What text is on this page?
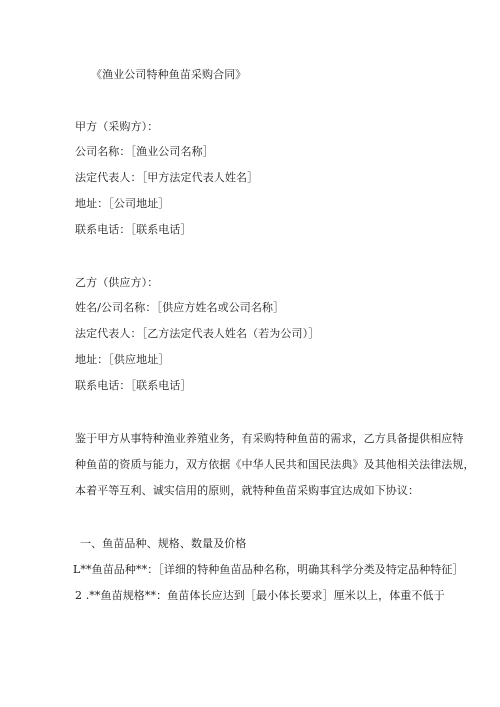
《渔业公司特种鱼苗采购合同》
甲方（采购方）：
公司名称：［渔业公司名称］
法定代表人：［甲方法定代表人姓名］
地址：［公司地址］
联系电话：［联系电话］
乙方（供应方）：
姓名/公司名称：［供应方姓名或公司名称］
法定代表人：［乙方法定代表人姓名（若为公司）］
地址：［供应地址］
联系电话：［联系电话］
鉴于甲方从事特种渔业养殖业务，有采购特种鱼苗的需求，乙方具备提供相应特
种鱼苗的资质与能力，双方依据《中华人民共和国民法典》及其他相关法律法规，
本着平等互利、诚实信用的原则，就特种鱼苗采购事宜达成如下协议：
一、鱼苗品种、规格、数量及价格
L**鱼苗品种**：［详细的特种鱼苗品种名称，明确其科学分类及特定品种特征］
2 .**鱼苗规格**：鱼苗体长应达到［最小体长要求］厘米以上，体重不低于
